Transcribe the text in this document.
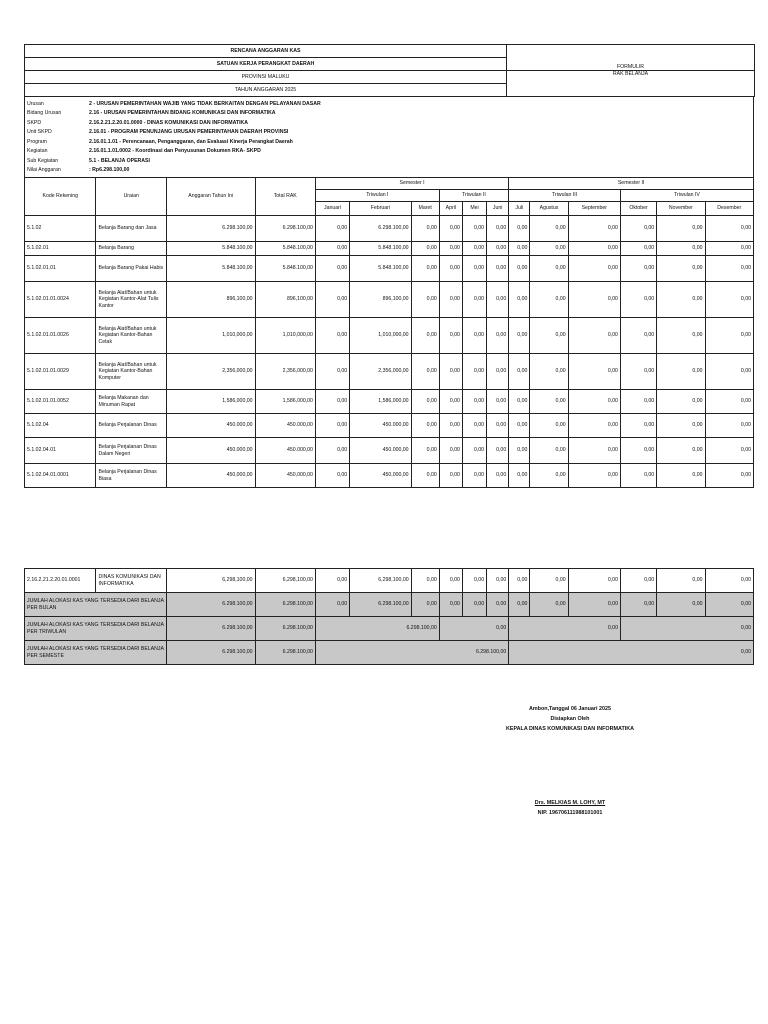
RENCANA ANGGARAN KAS	FORMULIR
SATUAN KERJA PERANGKAT DAERAH	
PROVINSI MALUKU	RAK BELANJA
TAHUN ANGGARAN 2025	
Urusan	2 - URUSAN PEMERINTAHAN WAJIB YANG TIDAK BERKAITAN DENGAN PELAYANAN DASAR
Bidang Urusan	2.16 - URUSAN PEMERINTAHAN BIDANG KOMUNIKASI DAN INFORMATIKA
SKPD	2.16.2.21.2.20.01.0000 - DINAS KOMUNIKASI DAN INFORMATIKA
Unit SKPD	2.16.01 - PROGRAM PENUNJANG URUSAN PEMERINTAHAN DAERAH PROVINSI
Program	2.16.01.1.01 - Perencanaan, Penganggaran, dan Evaluasi Kinerja Perangkat Daerah
Kegiatan	2.16.01.1.01.0002 - Koordinasi dan Penyusunan Dokumen RKA- SKPD
Sub Kegiatan	5.1 - BELANJA OPERASI
Nilai Anggaran	: Rp6.298.100,00
Kode Rekening	Uraian	Anggaran Tahun Ini	Total RAK	Semester I						Semester II					
				Triwulan I			Triwulan II			Triwulan III			Triwulan IV		
				Januari	Februari	Maret	April	Mei	Juni	Juli	Agustus	September	Oktober	November	Desember
5.1.02	Belanja Barang dan Jasa	6.298.100,00	6.298.100,00	0,00	6.298.100,00	0,00	0,00	0,00	0,00	0,00	0,00	0,00	0,00	0,00	0,00
5.1.02.01	Belanja Barang	5.848.100,00	5.848.100,00	0,00	5.848.100,00	0,00	0,00	0,00	0,00	0,00	0,00	0,00	0,00	0,00	0,00
5.1.02.01.01	Belanja Barang Pakai Habis	5.848.100,00	5.848.100,00	0,00	5.848.100,00	0,00	0,00	0,00	0,00	0,00	0,00	0,00	0,00	0,00	0,00
5.1.02.01.01.0024	Belanja Alat/Bahan untuk Kegiatan Kantor-Alat Tulis Kantor	896,100,00	896,100,00	0,00	896,100,00	0,00	0,00	0,00	0,00	0,00	0,00	0,00	0,00	0,00	0,00
5.1.02.01.01.0026	Belanja Alat/Bahan untuk Kegiatan Kantor-Bahan Cetak	1,010,000,00	1,010,000,00	0,00	1,010,000,00	0,00	0,00	0,00	0,00	0,00	0,00	0,00	0,00	0,00	0,00
5.1.02.01.01.0029	Belanja Alat/Bahan untuk Kegiatan Kantor-Bahan Komputer	2,356,000,00	2,356,000,00	0,00	2,356,000,00	0,00	0,00	0,00	0,00	0,00	0,00	0,00	0,00	0,00	0,00
5.1.02.01.01.0052	Belanja Makanan dan Minuman Rapat	1,586,000,00	1,586,000,00	0,00	1,586,000,00	0,00	0,00	0,00	0,00	0,00	0,00	0,00	0,00	0,00	0,00
5.1.02.04	Belanja Perjalanan Dinas	450.000,00	450.000,00	0,00	450.000,00	0,00	0,00	0,00	0,00	0,00	0,00	0,00	0,00	0,00	0,00
5.1.02.04.01	Belanja Perjalanan Dinas Dalam Negeri	450.000,00	450.000,00	0,00	450.000,00	0,00	0,00	0,00	0,00	0,00	0,00	0,00	0,00	0,00	0,00
5.1.02.04.01.0001	Belanja Perjalanan Dinas Biasa	450,000,00	450,000,00	0,00	450,000,00	0,00	0,00	0,00	0,00	0,00	0,00	0,00	0,00	0,00	0,00
2.16.2.21.2.20.01.0001	DINAS KOMUNIKASI DAN INFORMATIKA	6,298,100,00	6,298,100,00	0,00	6,298,100,00	0,00	0,00	0,00	0,00	0,00	0,00	0,00	0,00	0,00	0,00
JUMLAH ALOKASI KAS YANG TERSEDIA DARI BELANJA PER BULAN		6.298.100,00	6.298.100,00	0,00	6.298.100,00	0,00	0,00	0,00	0,00	0,00	0,00	0,00	0,00	0,00	0,00
JUMLAH ALOKASI KAS YANG TERSEDIA DARI BELANJA PER TRIWULAN		6.298.100,00	6.298.100,00	6.298.100,00			0,00			0,00			0,00		
JUMLAH ALOKASI KAS YANG TERSEDIA DARI BELANJA PER SEMESTE		6.298.100,00	6.298.100,00	6.298.100,00						0,00					
Ambon,Tanggal 06 Januari 2025
Disiapkan Oleh
KEPALA DINAS KOMUNIKASI DAN INFORMATIKA
Drs. MELKIAS M. LOHY, MT
NIP. 196706111988101001
